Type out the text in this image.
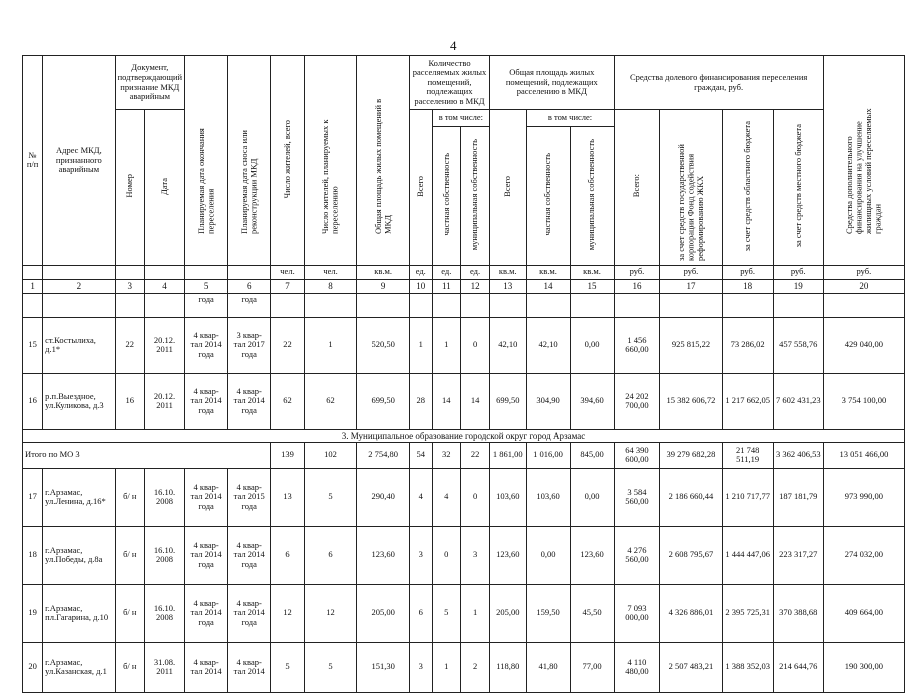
4
№ п/п	Адрес МКД, признанного аварийным	Документ, подтверждающий признание МКД аварийным		Планируемая дата окончания переселения	Планируемая дата сноса или реконструкции МКД	Число жителей, всего	Число жителей, планируемых к переселению	Общая площадь жилых помещений в МКД	Количество расселяемых жилых помещений, подлежащих расселению в МКД			Общая площадь жилых помещений, подлежащих расселению в МКД			Средства долевого финансирования переселения граждан, руб.				Средства дополнительного финансирования на улучшение жилищных условий переселяемых граждан
		Номер	Дата						Всего	в том числе:		Всего	в том числе:		Всего:	за счет средств государственной корпорации Фонд содействия реформированию ЖКХ	за счет средств областного бюджета	за счет средств местного бюджета	
										частная собственность	муниципальная собственность		частная собственность	муниципальная собственность					
						чел.	чел.	кв.м.	ед.	ед.	ед.	кв.м.	кв.м.	кв.м.	руб.	руб.	руб.	руб.	руб.
1	2	3	4	5	6	7	8	9	10	11	12	13	14	15	16	17	18	19	20
				года	года														
15	ст.Костылиха, д.1*	22	20.12. 2011	4 квар- тал 2014 года	3 квар- тал 2017 года	22	1	520,50	1	1	0	42,10	42,10	0,00	1 456 660,00	925 815,22	73 286,02	457 558,76	429 040,00
16	р.п.Выездное, ул.Куликова, д.3	16	20.12. 2011	4 квар- тал 2014 года	4 квар- тал 2014 года	62	62	699,50	28	14	14	699,50	304,90	394,60	24 202 700,00	15 382 606,72	1 217 662,05	7 602 431,23	3 754 100,00
3. Муниципальное образование городской округ город Арзамас																			
Итого по МО 3						139	102	2 754,80	54	32	22	1 861,00	1 016,00	845,00	64 390 600,00	39 279 682,28	21 748 511,19	3 362 406,53	13 051 466,00
17	г.Арзамас, ул.Ленина, д.16*	б/ н	16.10. 2008	4 квар- тал 2014 года	4 квар- тал 2015 года	13	5	290,40	4	4	0	103,60	103,60	0,00	3 584 560,00	2 186 660,44	1 210 717,77	187 181,79	973 990,00
18	г.Арзамас, ул.Победы, д.8а	б/ н	16.10. 2008	4 квар- тал 2014 года	4 квар- тал 2014 года	6	6	123,60	3	0	3	123,60	0,00	123,60	4 276 560,00	2 608 795,67	1 444 447,06	223 317,27	274 032,00
19	г.Арзамас, пл.Гагарина, д.10	б/ н	16.10. 2008	4 квар- тал 2014 года	4 квар- тал 2014 года	12	12	205,00	6	5	1	205,00	159,50	45,50	7 093 000,00	4 326 886,01	2 395 725,31	370 388,68	409 664,00
20	г.Арзамас, ул.Казанская, д.1	б/ н	31.08. 2011	4 квар- тал 2014	4 квар- тал 2014	5	5	151,30	3	1	2	118,80	41,80	77,00	4 110 480,00	2 507 483,21	1 388 352,03	214 644,76	190 300,00
